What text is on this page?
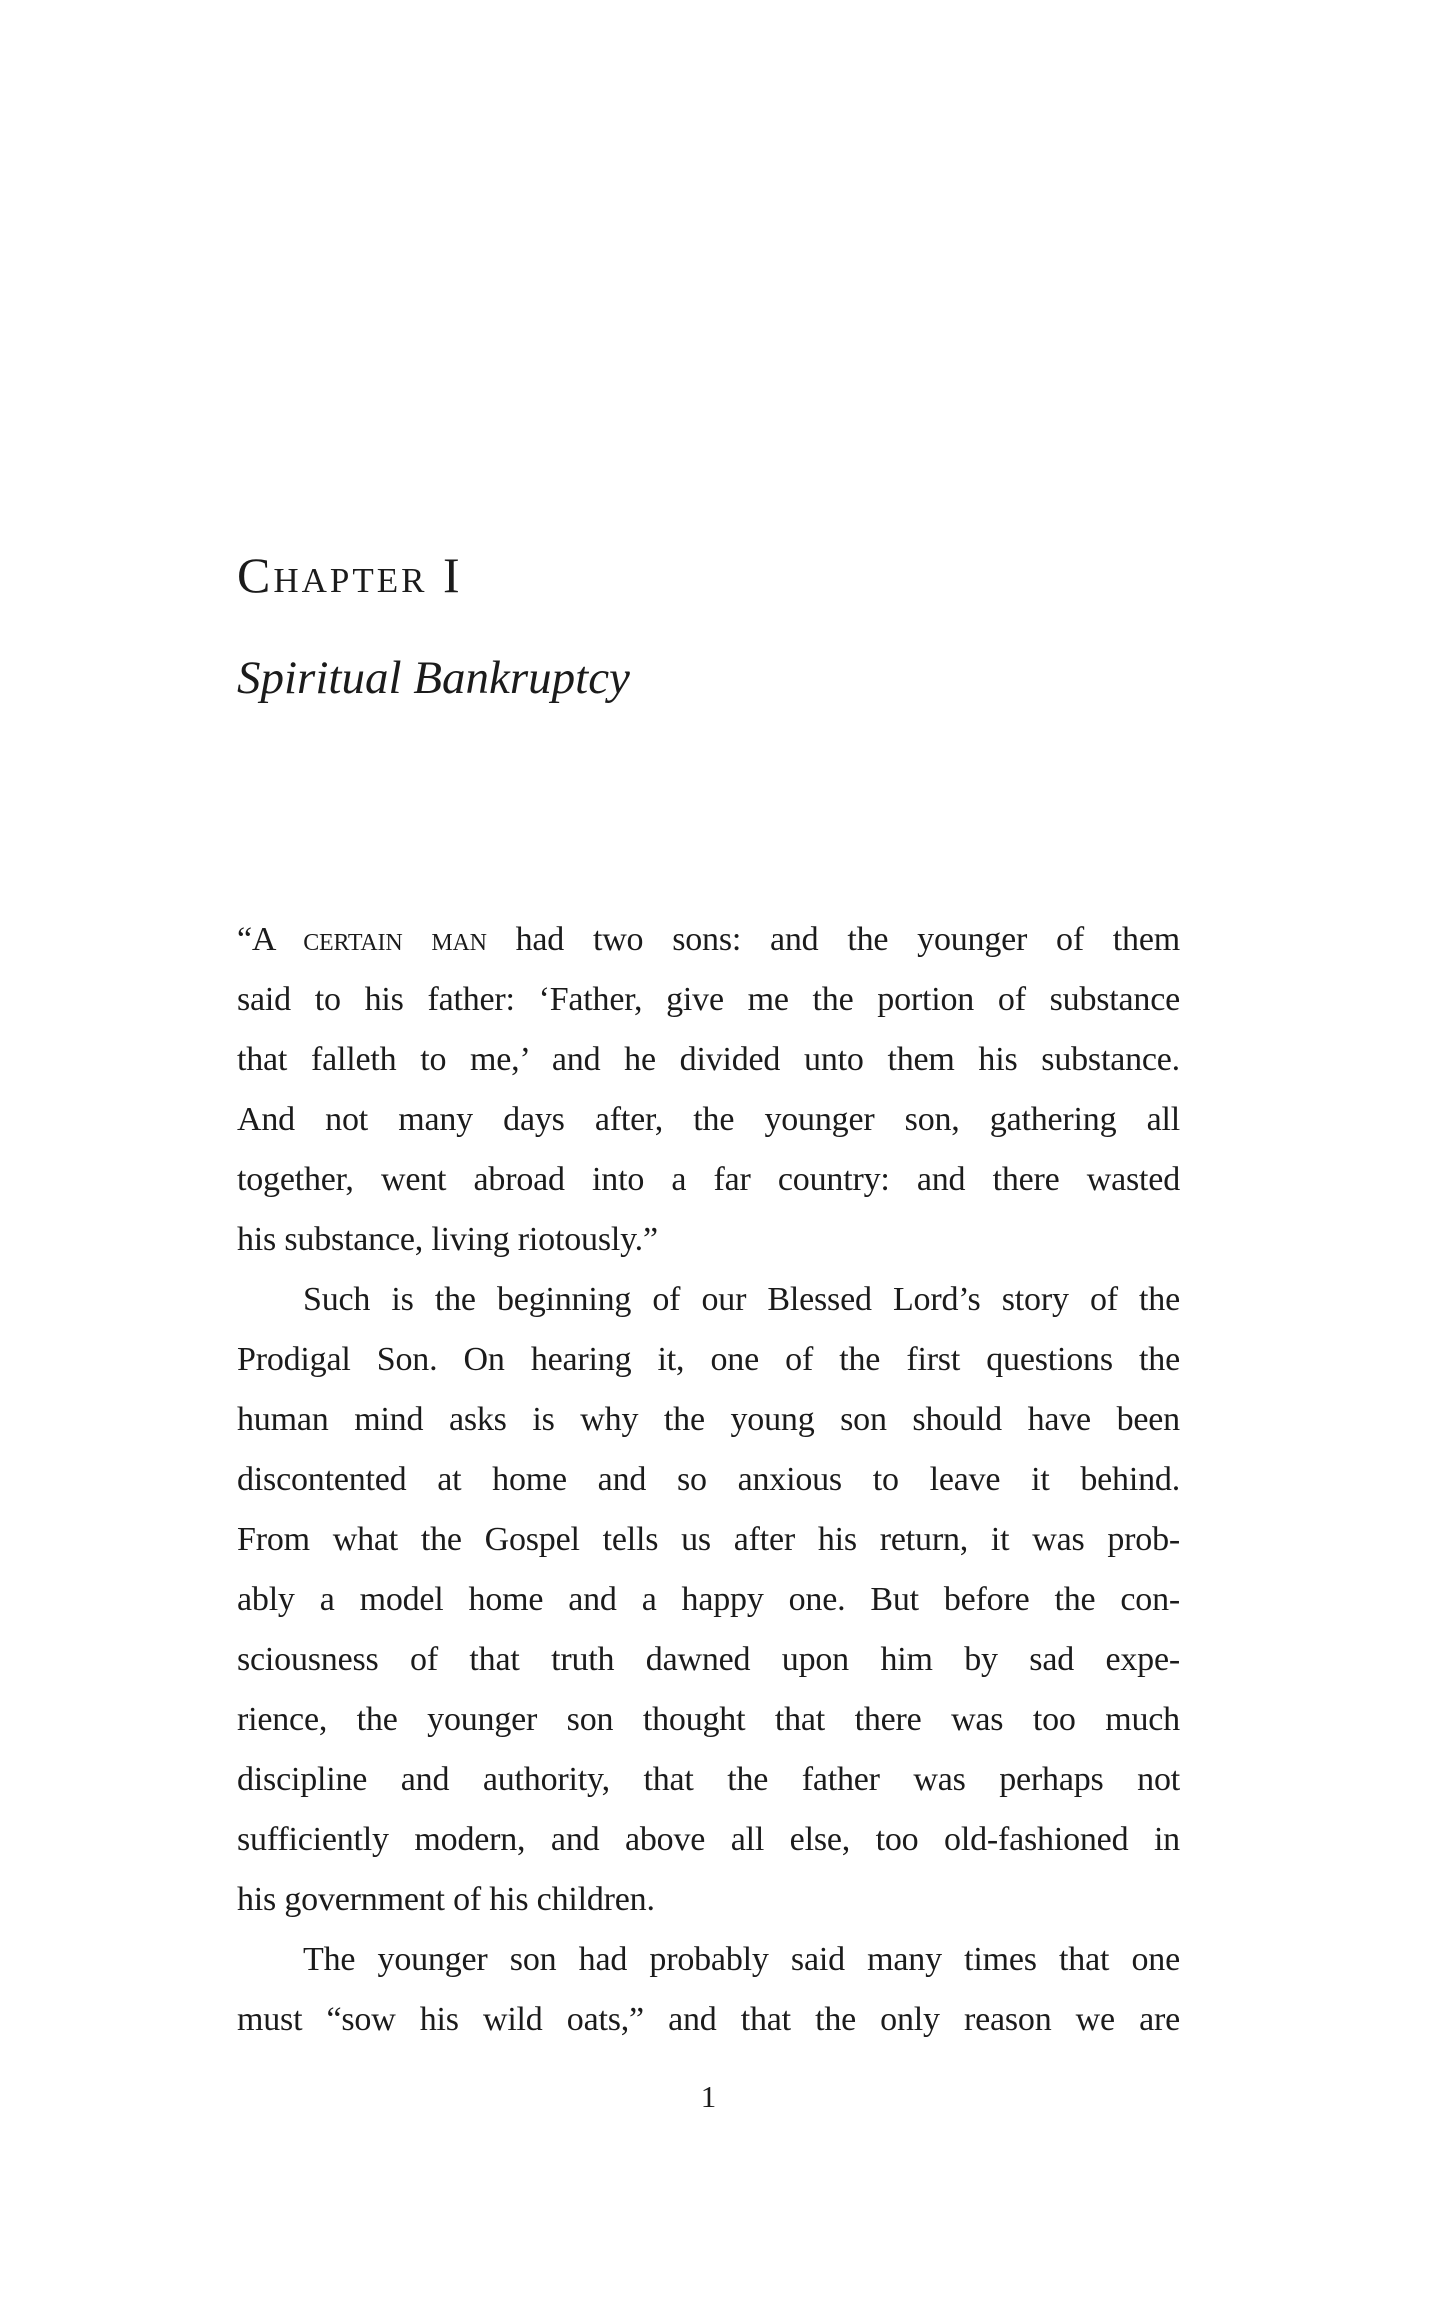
Chapter I
Spiritual Bankruptcy
“A certain man had two sons: and the younger of them
said to his father: ‘Father, give me the portion of substance
that falleth to me,’ and he divided unto them his substance.
And not many days after, the younger son, gathering all
together, went abroad into a far country: and there wasted
his substance, living riotously.”
Such is the beginning of our Blessed Lord’s story of the
Prodigal Son. On hearing it, one of the first questions the
human mind asks is why the young son should have been
discontented at home and so anxious to leave it behind.
From what the Gospel tells us after his return, it was prob-
ably a model home and a happy one. But before the con-
sciousness of that truth dawned upon him by sad expe-
rience, the younger son thought that there was too much
discipline and authority, that the father was perhaps not
sufficiently modern, and above all else, too old-fashioned in
his government of his children.
The younger son had probably said many times that one
must “sow his wild oats,” and that the only reason we are
1
